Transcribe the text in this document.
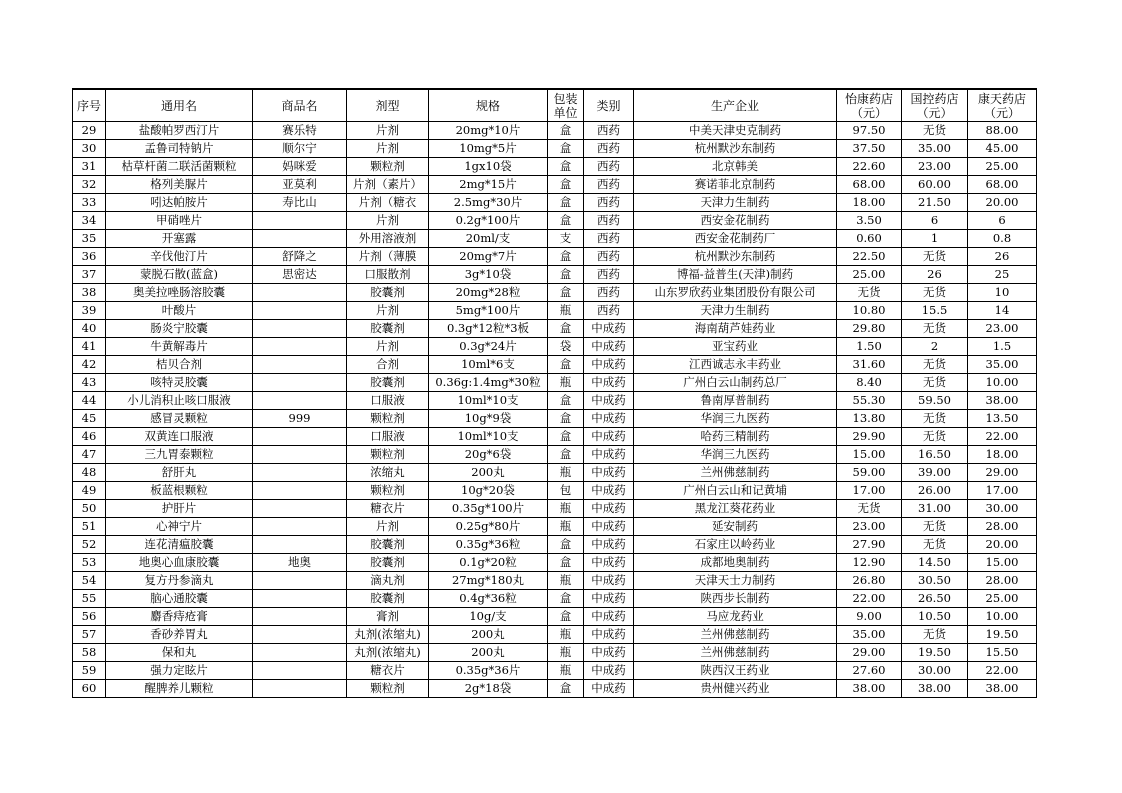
序号	通用名	商品名	剂型	规格	包装单位	类别	生产企业	怡康药店（元）	国控药店（元）	康天药店（元）
29	盐酸帕罗西汀片	赛乐特	片剂	20mg*10片	盒	西药	中美天津史克制药	97.50	无货	88.00
30	孟鲁司特钠片	顺尔宁	片剂	10mg*5片	盒	西药	杭州默沙东制药	37.50	35.00	45.00
31	枯草杆菌二联活菌颗粒	妈咪爱	颗粒剂	1gx10袋	盒	西药	北京韩美	22.60	23.00	25.00
32	格列美脲片	亚莫利	片剂（素片）	2mg*15片	盒	西药	赛诺菲北京制药	68.00	60.00	68.00
33	吲达帕胺片	寿比山	片剂（糖衣	2.5mg*30片	盒	西药	天津力生制药	18.00	21.50	20.00
34	甲硝唑片		片剂	0.2g*100片	盒	西药	西安金花制药	3.50	6	6
35	开塞露		外用溶液剂	20ml/支	支	西药	西安金花制药厂	0.60	1	0.8
36	辛伐他汀片	舒降之	片剂（薄膜	20mg*7片	盒	西药	杭州默沙东制药	22.50	无货	26
37	蒙脱石散(蓝盒)	思密达	口服散剂	3g*10袋	盒	西药	博福-益普生(天津)制药	25.00	26	25
38	奥美拉唑肠溶胶囊		胶囊剂	20mg*28粒	盒	西药	山东罗欣药业集团股份有限公司	无货	无货	10
39	叶酸片		片剂	5mg*100片	瓶	西药	天津力生制药	10.80	15.5	14
40	肠炎宁胶囊		胶囊剂	0.3g*12粒*3板	盒	中成药	海南葫芦娃药业	29.80	无货	23.00
41	牛黄解毒片		片剂	0.3g*24片	袋	中成药	亚宝药业	1.50	2	1.5
42	桔贝合剂		合剂	10ml*6支	盒	中成药	江西诚志永丰药业	31.60	无货	35.00
43	咳特灵胶囊		胶囊剂	0.36g:1.4mg*30粒	瓶	中成药	广州白云山制药总厂	8.40	无货	10.00
44	小儿消积止咳口服液		口服液	10ml*10支	盒	中成药	鲁南厚普制药	55.30	59.50	38.00
45	感冒灵颗粒	999	颗粒剂	10g*9袋	盒	中成药	华润三九医药	13.80	无货	13.50
46	双黄连口服液		口服液	10ml*10支	盒	中成药	哈药三精制药	29.90	无货	22.00
47	三九胃泰颗粒		颗粒剂	20g*6袋	盒	中成药	华润三九医药	15.00	16.50	18.00
48	舒肝丸		浓缩丸	200丸	瓶	中成药	兰州佛慈制药	59.00	39.00	29.00
49	板蓝根颗粒		颗粒剂	10g*20袋	包	中成药	广州白云山和记黄埔	17.00	26.00	17.00
50	护肝片		糖衣片	0.35g*100片	瓶	中成药	黑龙江葵花药业	无货	31.00	30.00
51	心神宁片		片剂	0.25g*80片	瓶	中成药	延安制药	23.00	无货	28.00
52	连花清瘟胶囊		胶囊剂	0.35g*36粒	盒	中成药	石家庄以岭药业	27.90	无货	20.00
53	地奥心血康胶囊	地奥	胶囊剂	0.1g*20粒	盒	中成药	成都地奥制药	12.90	14.50	15.00
54	复方丹参滴丸		滴丸剂	27mg*180丸	瓶	中成药	天津天士力制药	26.80	30.50	28.00
55	脑心通胶囊		胶囊剂	0.4g*36粒	盒	中成药	陕西步长制药	22.00	26.50	25.00
56	麝香痔疮膏		膏剂	10g/支	盒	中成药	马应龙药业	9.00	10.50	10.00
57	香砂养胃丸		丸剂(浓缩丸)	200丸	瓶	中成药	兰州佛慈制药	35.00	无货	19.50
58	保和丸		丸剂(浓缩丸)	200丸	瓶	中成药	兰州佛慈制药	29.00	19.50	15.50
59	强力定眩片		糖衣片	0.35g*36片	瓶	中成药	陕西汉王药业	27.60	30.00	22.00
60	醒脾养儿颗粒		颗粒剂	2g*18袋	盒	中成药	贵州健兴药业	38.00	38.00	38.00
